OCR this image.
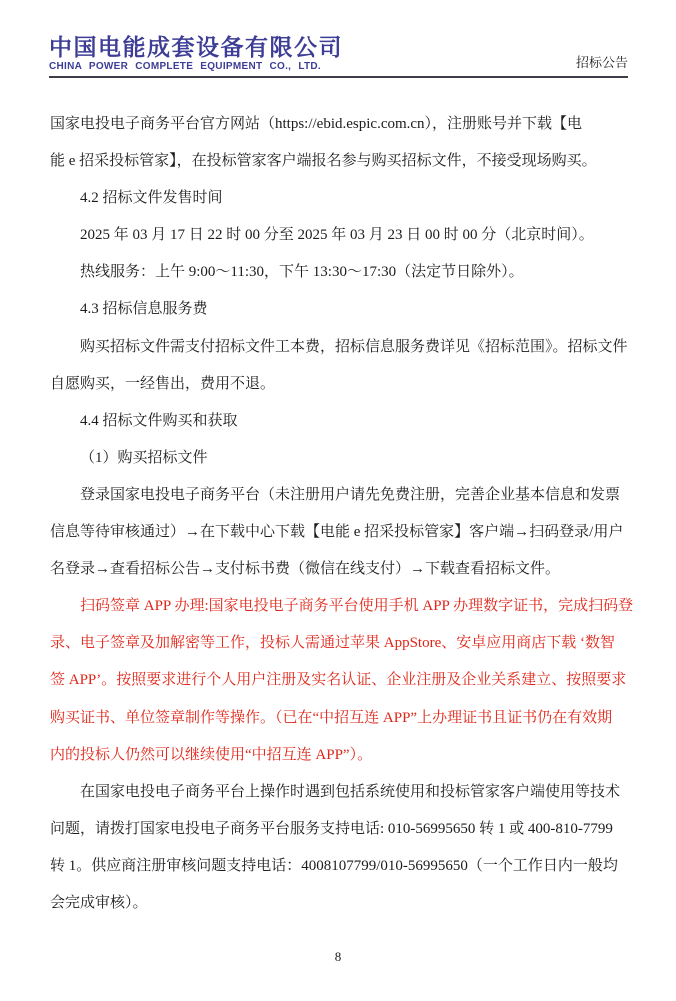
中国电能成套设备有限公司
CHINA POWER COMPLETE EQUIPMENT CO., LTD.	招标公告
国家电投电子商务平台官方网站（https://ebid.espic.com.cn），注册账号并下载【电
能 e 招采投标管家】，在投标管家客户端报名参与购买招标文件，不接受现场购买。
4.2 招标文件发售时间
2025 年 03 月 17 日 22 时 00 分至 2025 年 03 月 23 日 00 时 00 分（北京时间）。
热线服务：上午 9:00～11:30，下午 13:30～17:30（法定节日除外）。
4.3 招标信息服务费
购买招标文件需支付招标文件工本费，招标信息服务费详见《招标范围》。招标文件
自愿购买，一经售出，费用不退。
4.4 招标文件购买和获取
（1）购买招标文件
登录国家电投电子商务平台（未注册用户请先免费注册，完善企业基本信息和发票
信息等待审核通过）→在下载中心下载【电能 e 招采投标管家】客户端→扫码登录/用户
名登录→查看招标公告→支付标书费（微信在线支付）→下载查看招标文件。
扫码签章 APP 办理:国家电投电子商务平台使用手机 APP 办理数字证书，完成扫码登
录、电子签章及加解密等工作，投标人需通过苹果 AppStore、安卓应用商店下载 ‘数智
签 APP’。按照要求进行个人用户注册及实名认证、企业注册及企业关系建立、按照要求
购买证书、单位签章制作等操作。（已在“中招互连 APP”上办理证书且证书仍在有效期
内的投标人仍然可以继续使用“中招互连 APP”）。
在国家电投电子商务平台上操作时遇到包括系统使用和投标管家客户端使用等技术
问题，请拨打国家电投电子商务平台服务支持电话: 010-56995650 转 1 或 400-810-7799
转 1。供应商注册审核问题支持电话：4008107799/010-56995650（一个工作日内一般均
会完成审核）。
8
